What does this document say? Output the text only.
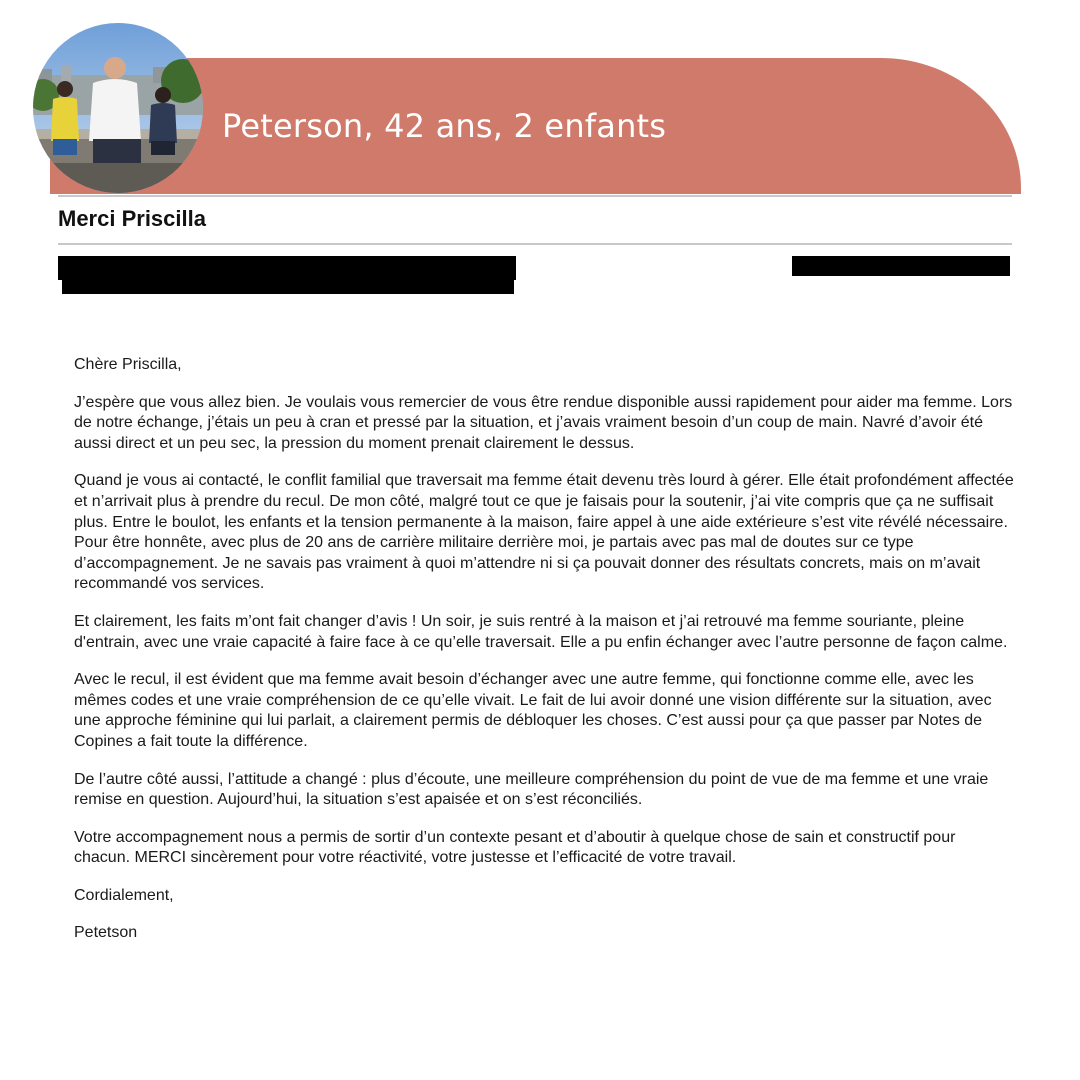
Peterson, 42 ans, 2 enfants
Merci Priscilla

Chère Priscilla,

J’espère que vous allez bien. Je voulais vous remercier de vous être rendue disponible aussi rapidement pour aider ma femme. Lors de notre échange, j’étais un peu à cran et pressé par la situation, et j’avais vraiment besoin d’un coup de main. Navré d’avoir été aussi direct et un peu sec, la pression du moment prenait clairement le dessus.

Quand je vous ai contacté, le conflit familial que traversait ma femme était devenu très lourd à gérer. Elle était profondément affectée et n’arrivait plus à prendre du recul. De mon côté, malgré tout ce que je faisais pour la soutenir, j’ai vite compris que ça ne suffisait plus. Entre le boulot, les enfants et la tension permanente à la maison, faire appel à une aide extérieure s’est vite révélé nécessaire. Pour être honnête, avec plus de 20 ans de carrière militaire derrière moi, je partais avec pas mal de doutes sur ce type d’accompagnement. Je ne savais pas vraiment à quoi m’attendre ni si ça pouvait donner des résultats concrets, mais on m’avait recommandé vos services.

Et clairement, les faits m’ont fait changer d’avis ! Un soir, je suis rentré à la maison et j’ai retrouvé ma femme souriante, pleine d'entrain, avec une vraie capacité à faire face à ce qu’elle traversait. Elle a pu enfin échanger avec l’autre personne de façon calme.

Avec le recul, il est évident que ma femme avait besoin d’échanger avec une autre femme, qui fonctionne comme elle, avec les mêmes codes et une vraie compréhension de ce qu’elle vivait. Le fait de lui avoir donné une vision différente sur la situation, avec une approche féminine qui lui parlait, a clairement permis de débloquer les choses. C’est aussi pour ça que passer par Notes de Copines a fait toute la différence.

De l’autre côté aussi, l’attitude a changé : plus d’écoute, une meilleure compréhension du point de vue de ma femme et une vraie remise en question. Aujourd’hui, la situation s’est apaisée et on s’est réconciliés.

Votre accompagnement nous a permis de sortir d’un contexte pesant et d’aboutir à quelque chose de sain et constructif pour chacun. MERCI sincèrement pour votre réactivité, votre justesse et l’efficacité de votre travail.

Cordialement,

Petetson
